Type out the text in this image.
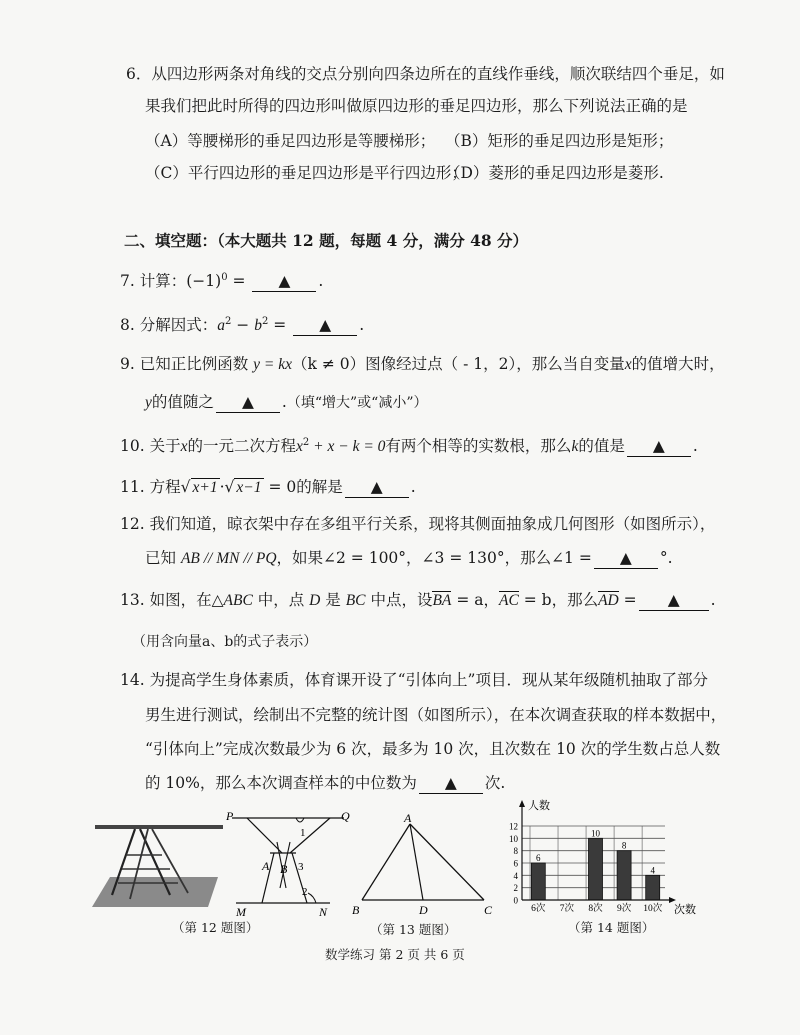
6．从四边形两条对角线的交点分别向四条边所在的直线作垂线，顺次联结四个垂足，如
果我们把此时所得的四边形叫做原四边形的垂足四边形，那么下列说法正确的是
（A）等腰梯形的垂足四边形是等腰梯形； （B）矩形的垂足四边形是矩形；
（C）平行四边形的垂足四边形是平行四边形；
（D）菱形的垂足四边形是菱形.
二、填空题：（本大题共 12 题，每题 4 分，满分 48 分）
7. 计算：$(-1)^0$ = ▲ .
8. 分解因式：$a^2 - b^2$ = ▲ .
9. 已知正比例函数 y = kx（k ≠ 0）图像经过点（ - 1，2），那么当自变量x的值增大时，
y的值随之 ▲ .（填“增大”或“减小”）
10. 关于x的一元二次方程$x^2 + x - k = 0$有两个相等的实数根，那么k的值是 ▲ .
11. 方程√ x+1 ·√ x−1 = 0的解是 ▲ .
12. 我们知道，晾衣架中存在多组平行关系，现将其侧面抽象成几何图形（如图所示），
已知 AB // MN // PQ，如果∠2 = 100°，∠3 = 130°，那么∠1 = ▲ °.
13. 如图，在△ABC 中，点 D 是 BC 中点，设BA = a，AC = b，那么AD = ▲ .
（用含向量a、b的式子表示）
14. 为提高学生身体素质，体育课开设了“引体向上”项目．现从某年级随机抽取了部分
男生进行测试，绘制出不完整的统计图（如图所示），在本次调查获取的样本数据中，
“引体向上”完成次数最少为 6 次，最多为 10 次，且次数在 10 次的学生数占总人数
的 10%，那么本次调查样本的中位数为 ▲ 次.
P	Q
A B
1
3
2
M	N
（第 12 题图）
A
B	D	C
（第 13 题图）
6
10
8
4
0
2
4
6
8
10
12
6次 7次 8次 9次 10次
人数
次数
（第 14 题图）
数学练习 第 2 页 共 6 页
